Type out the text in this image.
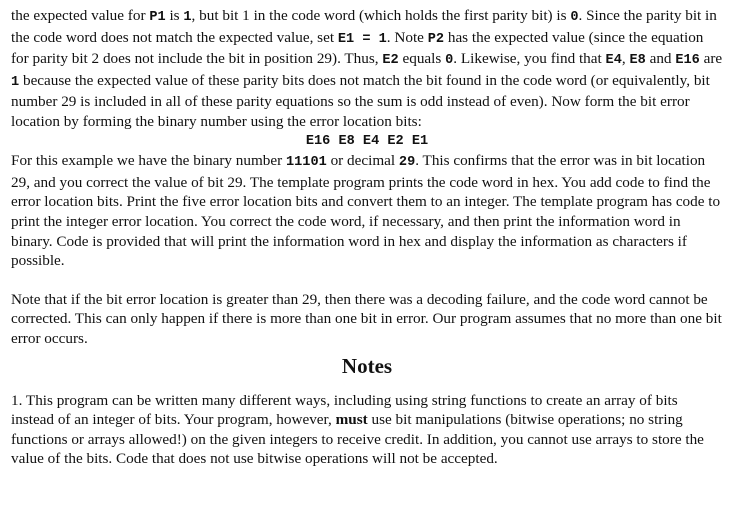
the expected value for P1 is 1, but bit 1 in the code word (which holds the first parity bit) is 0. Since the parity bit in the code word does not match the expected value, set E1 = 1. Note P2 has the expected value (since the equation for parity bit 2 does not include the bit in position 29). Thus, E2 equals 0. Likewise, you find that E4, E8 and E16 are 1 because the expected value of these parity bits does not match the bit found in the code word (or equivalently, bit number 29 is included in all of these parity equations so the sum is odd instead of even). Now form the bit error location by forming the binary number using the error location bits:

E16 E8 E4 E2 E1

For this example we have the binary number 11101 or decimal 29. This confirms that the error was in bit location 29, and you correct the value of bit 29. The template program prints the code word in hex. You add code to find the error location bits. Print the five error location bits and convert them to an integer. The template program has code to print the integer error location. You correct the code word, if necessary, and then print the information word in binary. Code is provided that will print the information word in hex and display the information as characters if possible.

Note that if the bit error location is greater than 29, then there was a decoding failure, and the code word cannot be corrected. This can only happen if there is more than one bit in error. Our program assumes that no more than one bit error occurs.

Notes

1. This program can be written many different ways, including using string functions to create an array of bits instead of an integer of bits. Your program, however, must use bit manipulations (bitwise operations; no string functions or arrays allowed!) on the given integers to receive credit. In addition, you cannot use arrays to store the value of the bits. Code that does not use bitwise operations will not be accepted.
